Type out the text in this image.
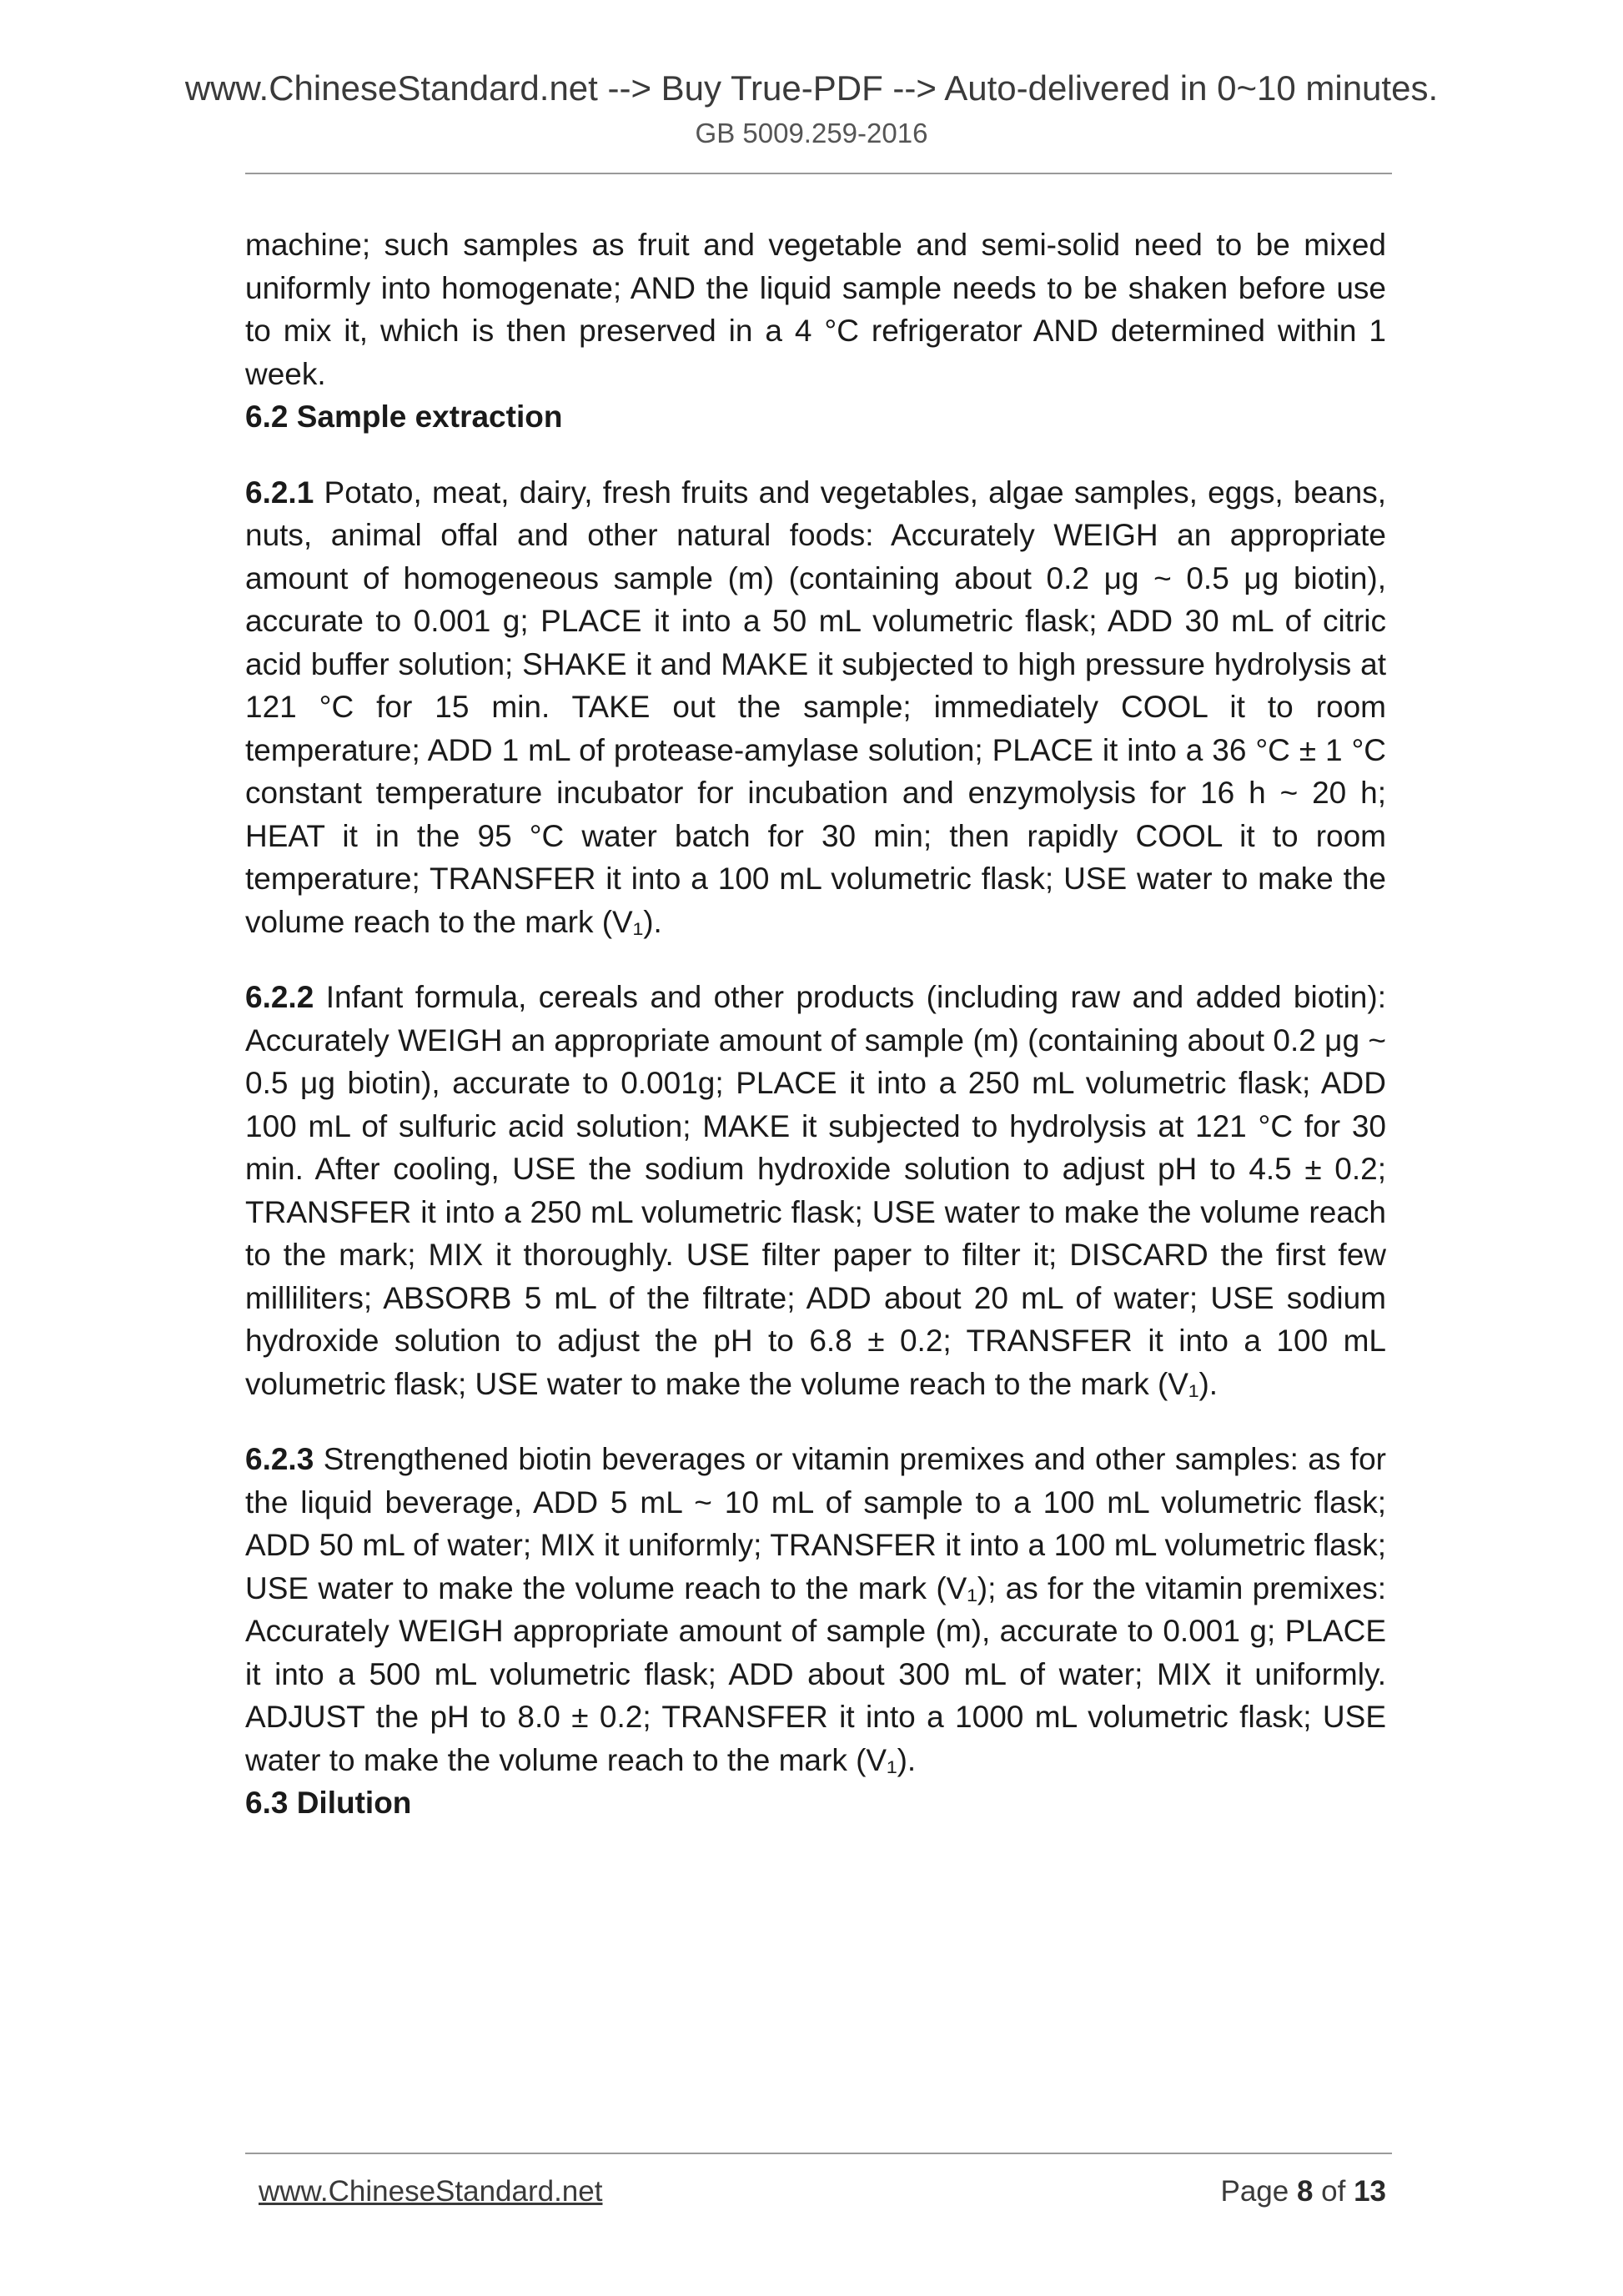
www.ChineseStandard.net --> Buy True-PDF --> Auto-delivered in 0~10 minutes.
GB 5009.259-2016

machine; such samples as fruit and vegetable and semi-solid need to be mixed uniformly into homogenate; AND the liquid sample needs to be shaken before use to mix it, which is then preserved in a 4 °C refrigerator AND determined within 1 week.

6.2 Sample extraction

6.2.1 Potato, meat, dairy, fresh fruits and vegetables, algae samples, eggs, beans, nuts, animal offal and other natural foods: Accurately WEIGH an appropriate amount of homogeneous sample (m) (containing about 0.2 μg ~ 0.5 μg biotin), accurate to 0.001 g; PLACE it into a 50 mL volumetric flask; ADD 30 mL of citric acid buffer solution; SHAKE it and MAKE it subjected to high pressure hydrolysis at 121 °C for 15 min. TAKE out the sample; immediately COOL it to room temperature; ADD 1 mL of protease-amylase solution; PLACE it into a 36 °C ± 1 °C constant temperature incubator for incubation and enzymolysis for 16 h ~ 20 h; HEAT it in the 95 °C water batch for 30 min; then rapidly COOL it to room temperature; TRANSFER it into a 100 mL volumetric flask; USE water to make the volume reach to the mark (V₁).

6.2.2 Infant formula, cereals and other products (including raw and added biotin): Accurately WEIGH an appropriate amount of sample (m) (containing about 0.2 μg ~ 0.5 μg biotin), accurate to 0.001g; PLACE it into a 250 mL volumetric flask; ADD 100 mL of sulfuric acid solution; MAKE it subjected to hydrolysis at 121 °C for 30 min. After cooling, USE the sodium hydroxide solution to adjust pH to 4.5 ± 0.2; TRANSFER it into a 250 mL volumetric flask; USE water to make the volume reach to the mark; MIX it thoroughly. USE filter paper to filter it; DISCARD the first few milliliters; ABSORB 5 mL of the filtrate; ADD about 20 mL of water; USE sodium hydroxide solution to adjust the pH to 6.8 ± 0.2; TRANSFER it into a 100 mL volumetric flask; USE water to make the volume reach to the mark (V₁).

6.2.3 Strengthened biotin beverages or vitamin premixes and other samples: as for the liquid beverage, ADD 5 mL ~ 10 mL of sample to a 100 mL volumetric flask; ADD 50 mL of water; MIX it uniformly; TRANSFER it into a 100 mL volumetric flask; USE water to make the volume reach to the mark (V₁); as for the vitamin premixes: Accurately WEIGH appropriate amount of sample (m), accurate to 0.001 g; PLACE it into a 500 mL volumetric flask; ADD about 300 mL of water; MIX it uniformly. ADJUST the pH to 8.0 ± 0.2; TRANSFER it into a 1000 mL volumetric flask; USE water to make the volume reach to the mark (V₁).

6.3 Dilution
www.ChineseStandard.net	Page 8 of 13
